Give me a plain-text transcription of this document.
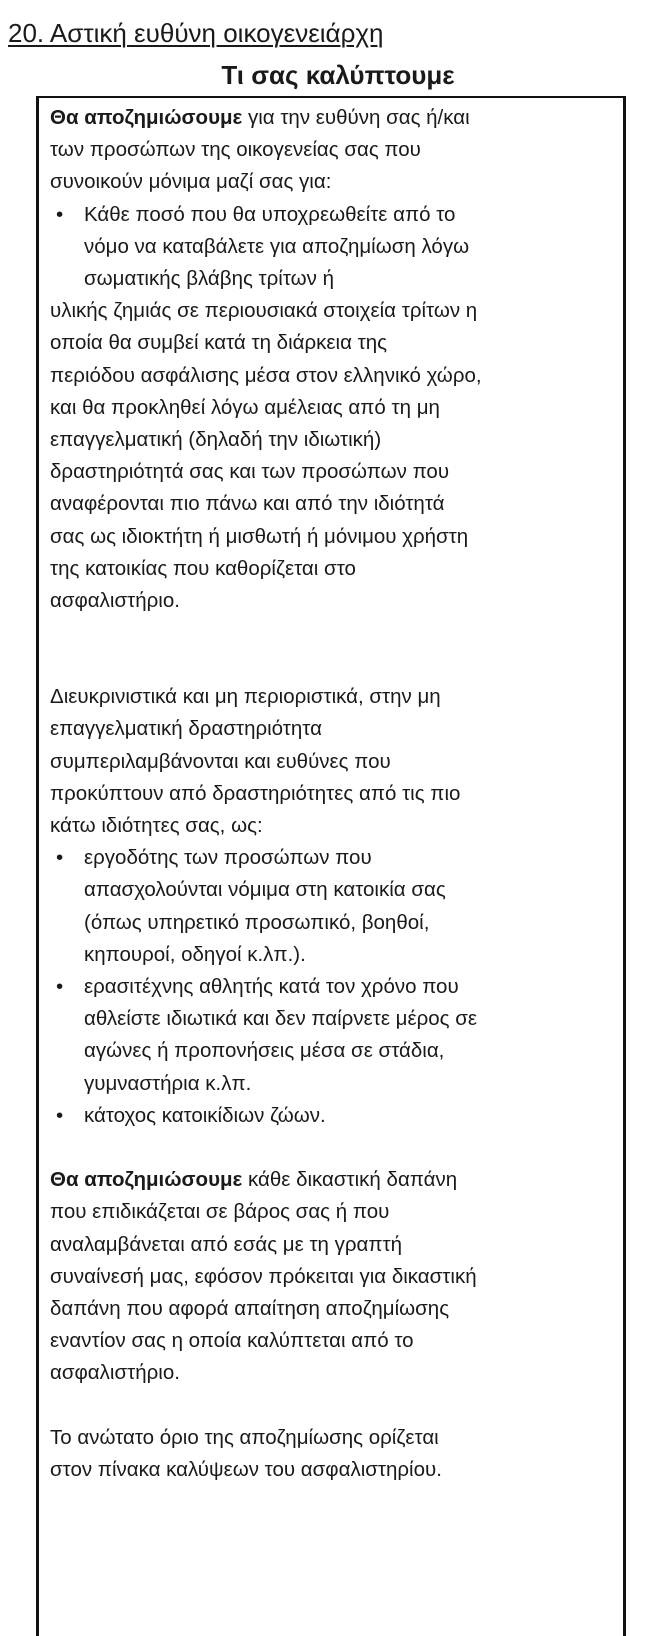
20. Αστική ευθύνη οικογενειάρχη
Τι σας καλύπτουμε

Θα αποζημιώσουμε για την ευθύνη σας ή/και

των προσώπων της οικογενείας σας που

συνοικούν μόνιμα μαζί σας για:

• Κάθε ποσό που θα υποχρεωθείτε από το

νόμο να καταβάλετε για αποζημίωση λόγω

σωματικής βλάβης τρίτων ή

υλικής ζημιάς σε περιουσιακά στοιχεία τρίτων η

οποία θα συμβεί κατά τη διάρκεια της

περιόδου ασφάλισης μέσα στον ελληνικό χώρο,

και θα προκληθεί λόγω αμέλειας από τη μη

επαγγελματική (δηλαδή την ιδιωτική)

δραστηριότητά σας και των προσώπων που

αναφέρονται πιο πάνω και από την ιδιότητά

σας ως ιδιοκτήτη ή μισθωτή ή μόνιμου χρήστη

της κατοικίας που καθορίζεται στο

ασφαλιστήριο.

Διευκρινιστικά και μη περιοριστικά, στην μη

επαγγελματική δραστηριότητα

συμπεριλαμβάνονται και ευθύνες που

προκύπτουν από δραστηριότητες από τις πιο

κάτω ιδιότητες σας, ως:

• εργοδότης των προσώπων που

απασχολούνται νόμιμα στη κατοικία σας

(όπως υπηρετικό προσωπικό, βοηθοί,

κηπουροί, οδηγοί κ.λπ.).

• ερασιτέχνης αθλητής κατά τον χρόνο που

αθλείστε ιδιωτικά και δεν παίρνετε μέρος σε

αγώνες ή προπονήσεις μέσα σε στάδια,

γυμναστήρια κ.λπ.

• κάτοχος κατοικίδιων ζώων.

Θα αποζημιώσουμε κάθε δικαστική δαπάνη

που επιδικάζεται σε βάρος σας ή που

αναλαμβάνεται από εσάς με τη γραπτή

συναίνεσή μας, εφόσον πρόκειται για δικαστική

δαπάνη που αφορά απαίτηση αποζημίωσης

εναντίον σας η οποία καλύπτεται από το

ασφαλιστήριο.

Το ανώτατο όριο της αποζημίωσης ορίζεται

στον πίνακα καλύψεων του ασφαλιστηρίου.
